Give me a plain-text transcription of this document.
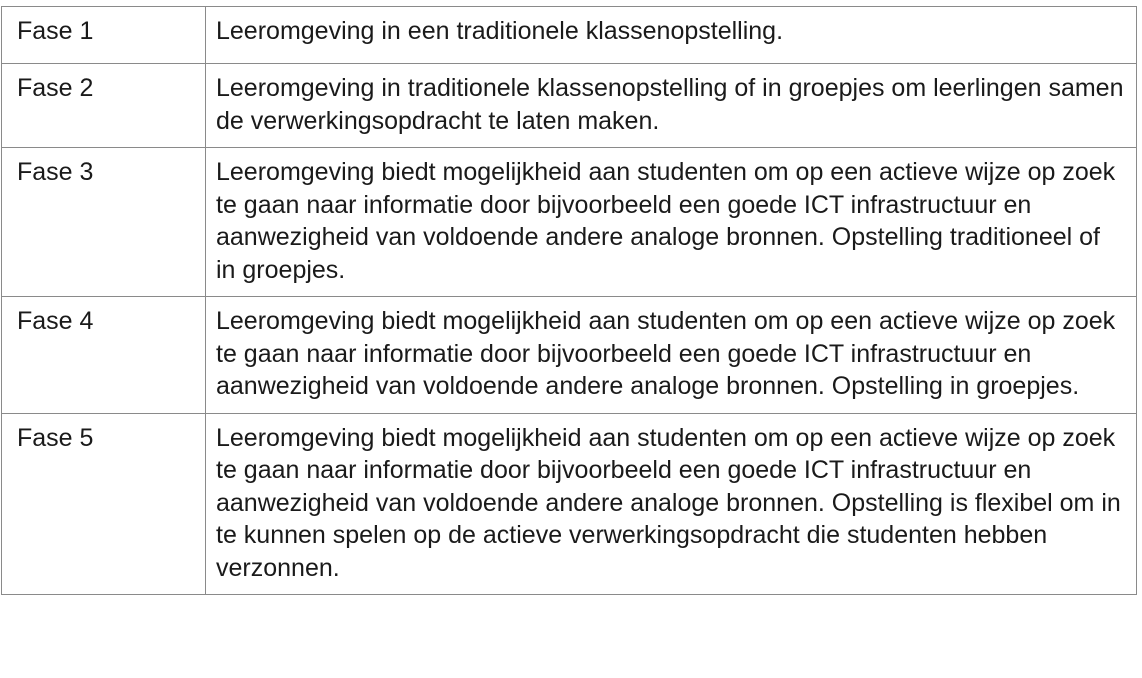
Fase 1	Leeromgeving in een traditionele klassenopstelling.
Fase 2	Leeromgeving in traditionele klassenopstelling of in groepjes om leerlingen samen de verwerkingsopdracht te laten maken.
Fase 3	Leeromgeving biedt mogelijkheid aan studenten om op een actieve wijze op zoek te gaan naar informatie door bijvoorbeeld een goede ICT infrastructuur en aanwezigheid van voldoende andere analoge bronnen. Opstelling traditioneel of in groepjes.
Fase 4	Leeromgeving biedt mogelijkheid aan studenten om op een actieve wijze op zoek te gaan naar informatie door bijvoorbeeld een goede ICT infrastructuur en aanwezigheid van voldoende andere analoge bronnen. Opstelling in groepjes.
Fase 5	Leeromgeving biedt mogelijkheid aan studenten om op een actieve wijze op zoek te gaan naar informatie door bijvoorbeeld een goede ICT infrastructuur en aanwezigheid van voldoende andere analoge bronnen. Opstelling is flexibel om in te kunnen spelen op de actieve verwerkingsopdracht die studenten hebben verzonnen.
